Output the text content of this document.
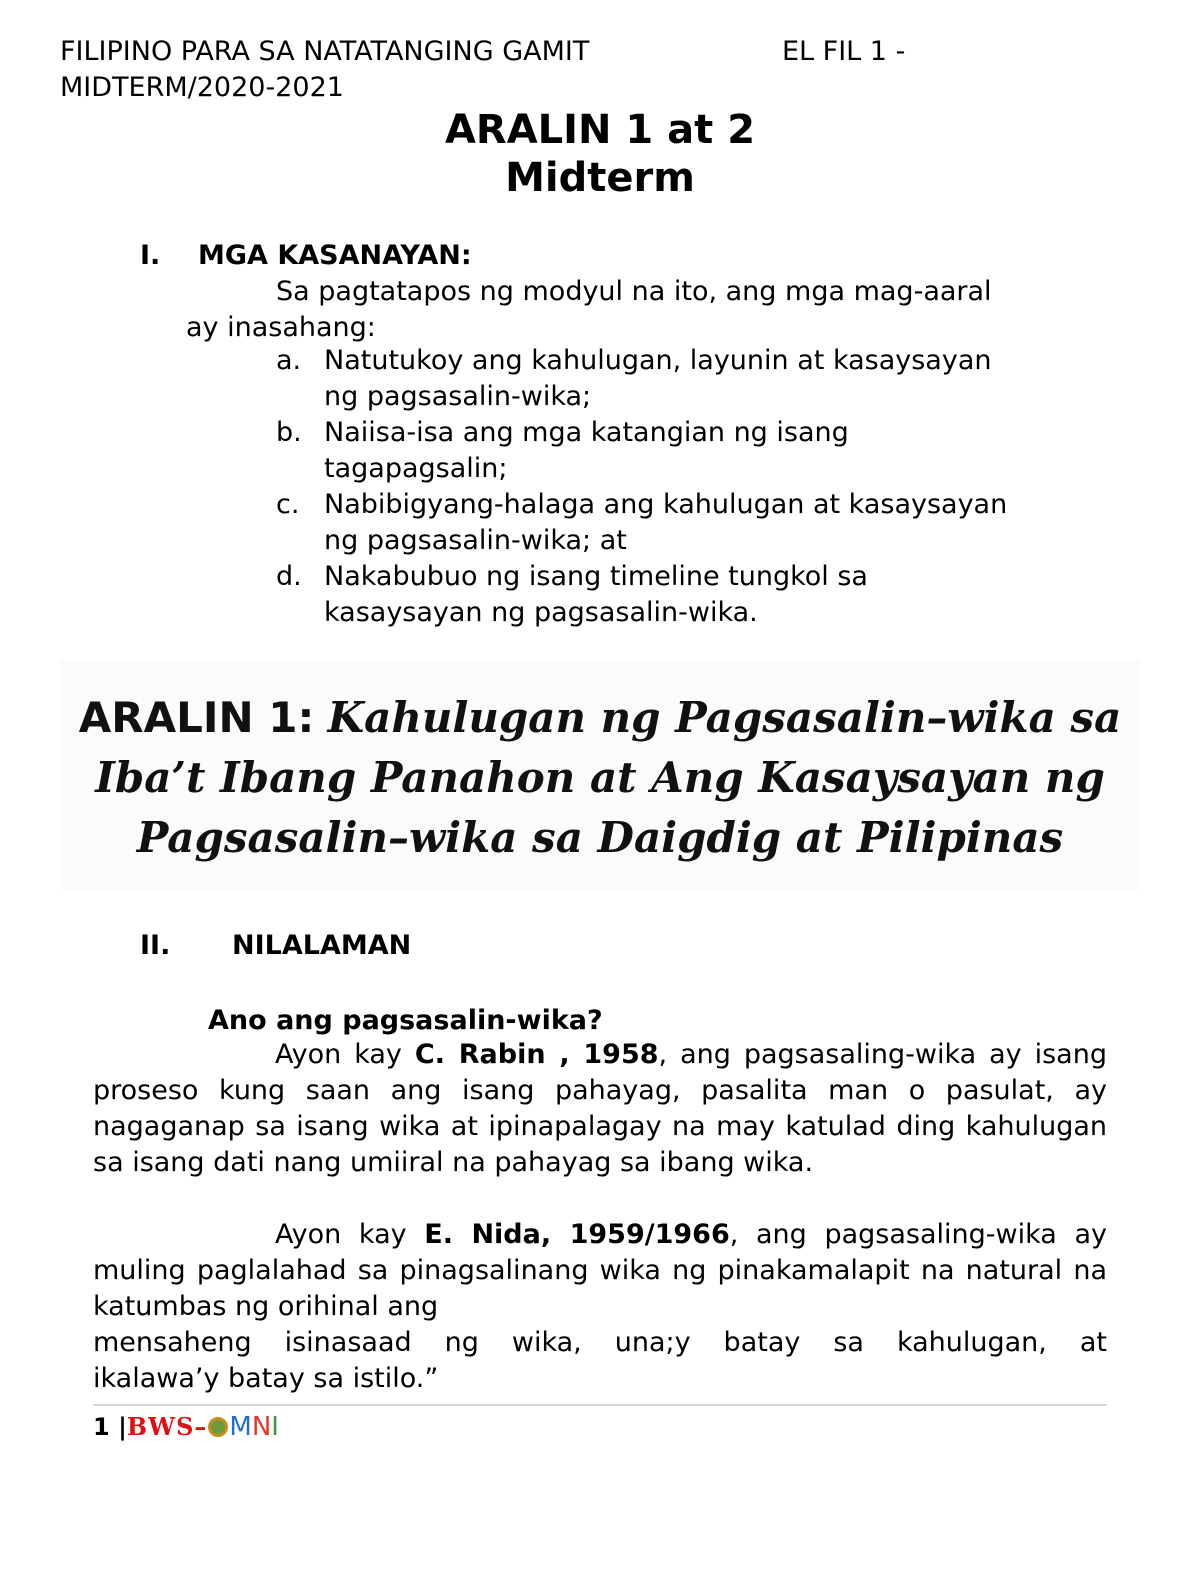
FILIPINO PARA SA NATATANGING GAMIT	EL FIL 1 -
MIDTERM/2020-2021
ARALIN 1 at 2
Midterm
I. MGA KASANAYAN:
Sa pagtatapos ng modyul na ito, ang mga mag-aaral
ay inasahang:
a. Natutukoy ang kahulugan, layunin at kasaysayan
ng pagsasalin-wika;
b. Naiisa-isa ang mga katangian ng isang
tagapagsalin;
c. Nabibigyang-halaga ang kahulugan at kasaysayan
ng pagsasalin-wika; at
d. Nakabubuo ng isang timeline tungkol sa
kasaysayan ng pagsasalin-wika.
ARALIN 1: Kahulugan ng Pagsasalin–wika sa
Iba’t Ibang Panahon at Ang Kasaysayan ng
Pagsasalin–wika sa Daigdig at Pilipinas
II. NILALAMAN
Ano ang pagsasalin-wika?
Ayon kay C. Rabin , 1958, ang pagsasaling-wika ay isang proseso kung saan ang isang pahayag, pasalita man o pasulat, ay nagaganap sa isang wika at ipinapalagay na may katulad ding kahulugan sa isang dati nang umiiral na pahayag sa ibang wika.
Ayon kay E. Nida, 1959/1966, ang pagsasaling-wika ay muling paglalahad sa pinagsalinang wika ng pinakamalapit na natural na katumbas ng orihinal ang
mensaheng isinasaad ng wika, una;y batay sa kahulugan, at
ikalawa’y batay sa istilo.”
1 |BWS– MNI
